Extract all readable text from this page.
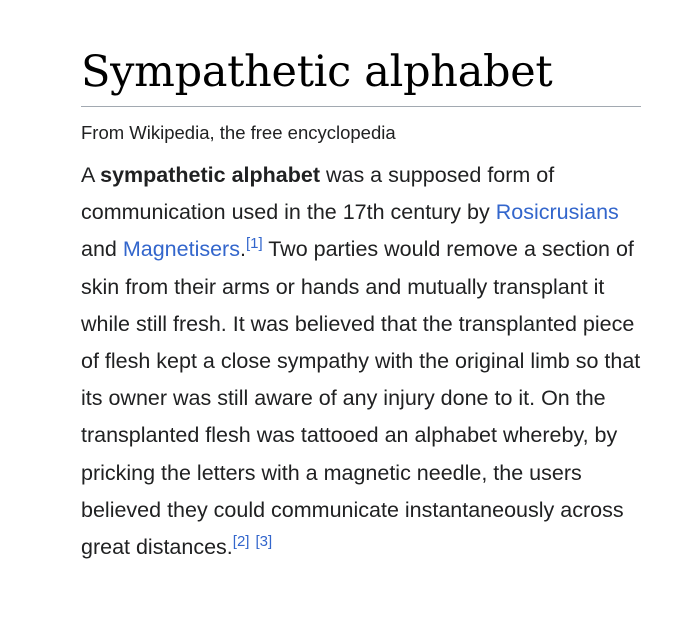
Sympathetic alphabet
From Wikipedia, the free encyclopedia

A sympathetic alphabet was a supposed form of communication used in the 17th century by Rosicrusians and Magnetisers.[1] Two parties would remove a section of skin from their arms or hands and mutually transplant it while still fresh. It was believed that the transplanted piece of flesh kept a close sympathy with the original limb so that its owner was still aware of any injury done to it. On the transplanted flesh was tattooed an alphabet whereby, by pricking the letters with a magnetic needle, the users believed they could communicate instantaneously across great distances.[2] [3]
